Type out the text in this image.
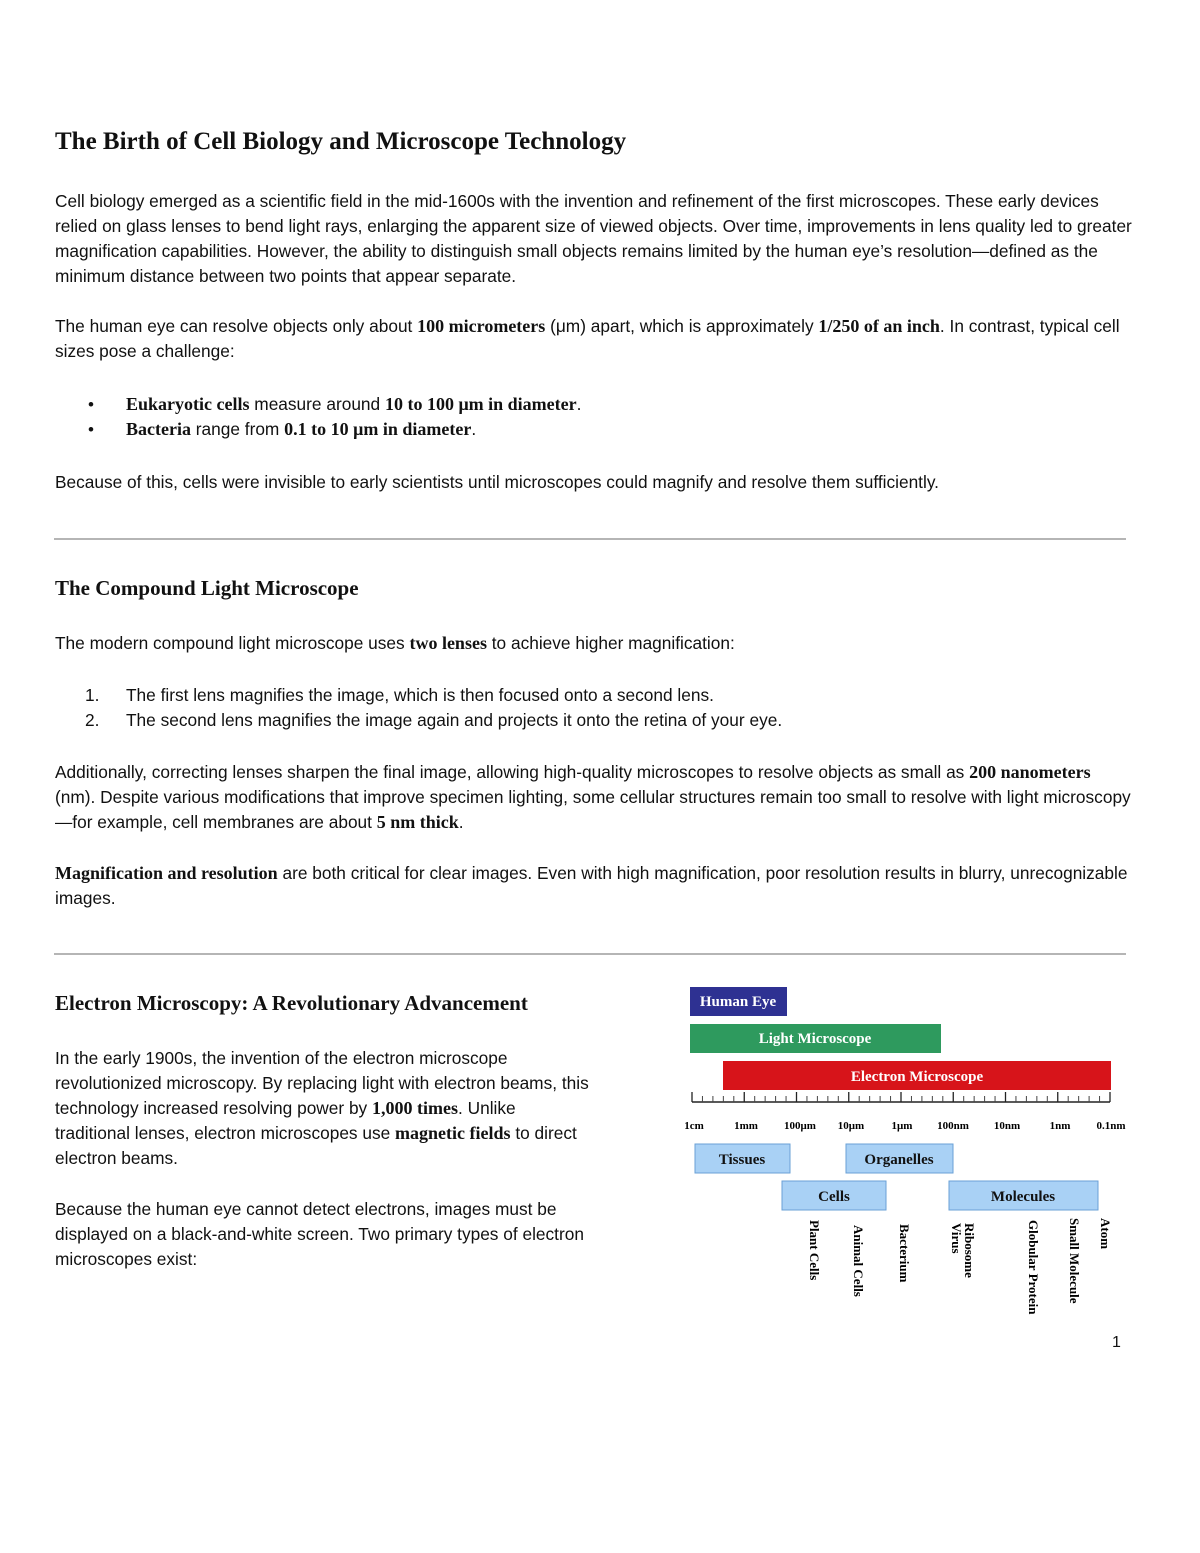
The Birth of Cell Biology and Microscope Technology

Cell biology emerged as a scientific field in the mid-1600s with the invention and refinement of the first microscopes. These early devices relied on glass lenses to bend light rays, enlarging the apparent size of viewed objects. Over time, improvements in lens quality led to greater magnification capabilities. However, the ability to distinguish small objects remains limited by the human eye’s resolution—defined as the minimum distance between two points that appear separate.

The human eye can resolve objects only about 100 micrometers (μm) apart, which is approximately 1/250 of an inch. In contrast, typical cell sizes pose a challenge:

• Eukaryotic cells measure around 10 to 100 μm in diameter.
• Bacteria range from 0.1 to 10 μm in diameter.

Because of this, cells were invisible to early scientists until microscopes could magnify and resolve them sufficiently.

The Compound Light Microscope

The modern compound light microscope uses two lenses to achieve higher magnification:

1. The first lens magnifies the image, which is then focused onto a second lens.
2. The second lens magnifies the image again and projects it onto the retina of your eye.

Additionally, correcting lenses sharpen the final image, allowing high-quality microscopes to resolve objects as small as 200 nanometers (nm). Despite various modifications that improve specimen lighting, some cellular structures remain too small to resolve with light microscopy—for example, cell membranes are about 5 nm thick.

Magnification and resolution are both critical for clear images. Even with high magnification, poor resolution results in blurry, unrecognizable images.

Electron Microscopy: A Revolutionary Advancement

In the early 1900s, the invention of the electron microscope revolutionized microscopy. By replacing light with electron beams, this technology increased resolving power by 1,000 times. Unlike traditional lenses, electron microscopes use magnetic fields to direct electron beams.

Because the human eye cannot detect electrons, images must be displayed on a black-and-white screen. Two primary types of electron microscopes exist:

Human Eye
Light Microscope
Electron Microscope
1cm	1mm 100μm 10μm 1μm 100nm 10nm	1nm 0.1nm
Tissues	Organelles
Cells	Molecules
Plant Cells Animal Cells Bacterium	Ribosome
Virus	Globular Protein Small Molecule Atom
1
